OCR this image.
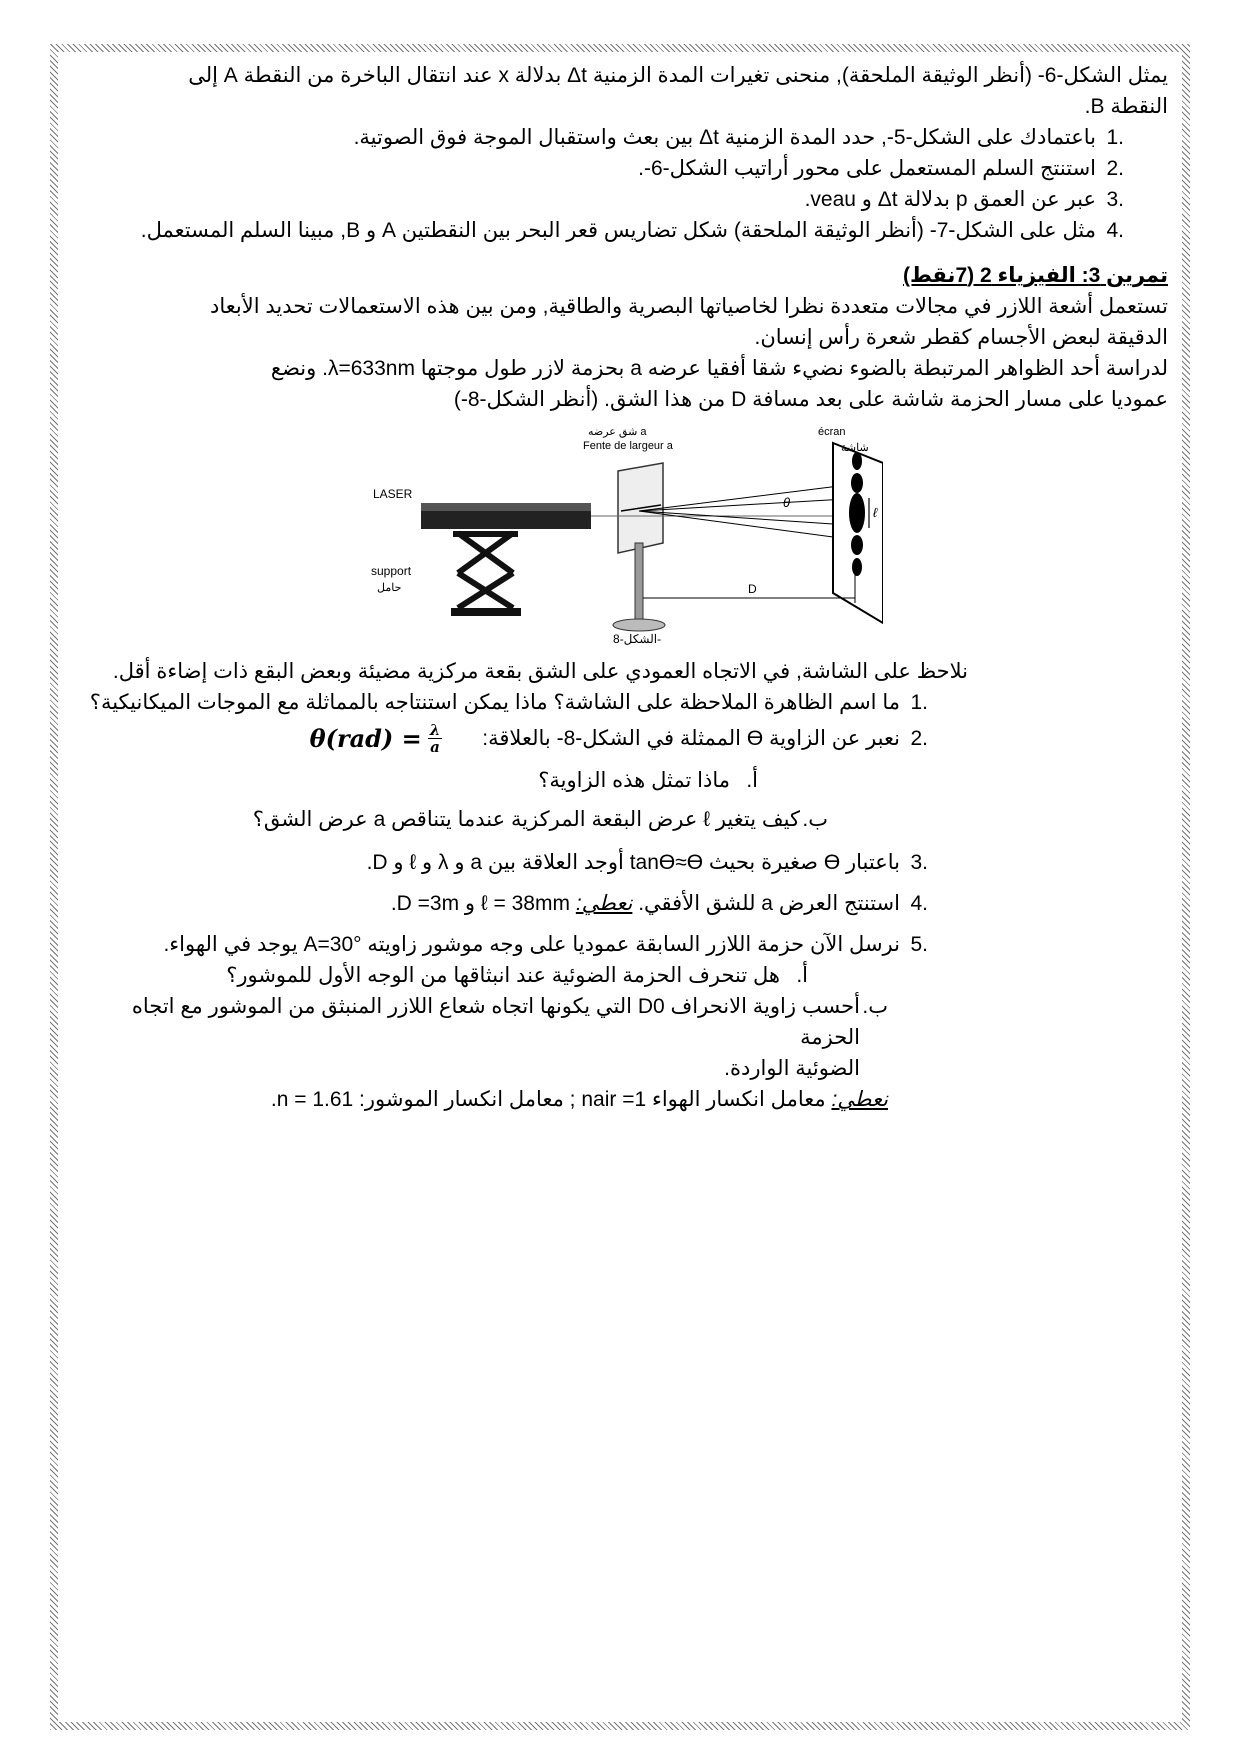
يمثل الشكل-6- (أنظر الوثيقة الملحقة), منحنى تغيرات المدة الزمنية Δt بدلالة x عند انتقال الباخرة من النقطة A إلى

النقطة B.

.1
باعتمادك على الشكل-5-, حدد المدة الزمنية Δt بين بعث واستقبال الموجة فوق الصوتية.
.2
استنتج السلم المستعمل على محور أراتيب الشكل-6-.
.3
عبر عن العمق p بدلالة Δt و veau.
.4
مثل على الشكل-7- (أنظر الوثيقة الملحقة) شكل تضاريس قعر البحر بين النقطتين A و B, مبينا السلم المستعمل.

تمرين 3: الفيزياء 2 (7نقط)

تستعمل أشعة اللازر في مجالات متعددة نظرا لخاصياتها البصرية والطاقية, ومن بين هذه الاستعمالات تحديد الأبعاد

الدقيقة لبعض الأجسام كقطر شعرة رأس إنسان.

لدراسة أحد الظواهر المرتبطة بالضوء نضيء شقا أفقيا عرضه a بحزمة لازر طول موجتها λ=633nm. ونضع

عموديا على مسار الحزمة شاشة على بعد مسافة D من هذا الشق. (أنظر الشكل-8-)

شق عرضه a
Fente de largeur a
écran
شاشة
LASER
support
حامل
θ
ℓ
D
الشكل-8-

نلاحظ على الشاشة, في الاتجاه العمودي على الشق بقعة مركزية مضيئة وبعض البقع ذات إضاءة أقل.

.1
ما اسم الظاهرة الملاحظة على الشاشة؟ ماذا يمكن استنتاجه بالمماثلة مع الموجات الميكانيكية؟
.2
نعبر عن الزاوية Ө الممثلة في الشكل-8- بالعلاقة:
$\theta(rad) = \frac{\lambda}{a}$
أ.
ماذا تمثل هذه الزاوية؟
ب.
كيف يتغير ℓ عرض البقعة المركزية عندما يتناقص a عرض الشق؟
.3
باعتبار Ө صغيرة بحيث tanӨ≈Ө أوجد العلاقة بين a و λ و ℓ و D.
.4
استنتج العرض a للشق الأفقي.

نعطي:

ℓ = 38mm و D =3m.
.5
نرسل الآن حزمة اللازر السابقة عموديا على وجه موشور زاويته A=30° يوجد في الهواء.
أ.
هل تنحرف الحزمة الضوئية عند انبثاقها من الوجه الأول للموشور؟
ب.
أحسب زاوية الانحراف D0 التي يكونها اتجاه شعاع اللازر المنبثق من الموشور مع اتجاه الحزمة

الضوئية الواردة.

نعطي: معامل انكسار الهواء nair =1 ; معامل انكسار الموشور: n = 1.61.
